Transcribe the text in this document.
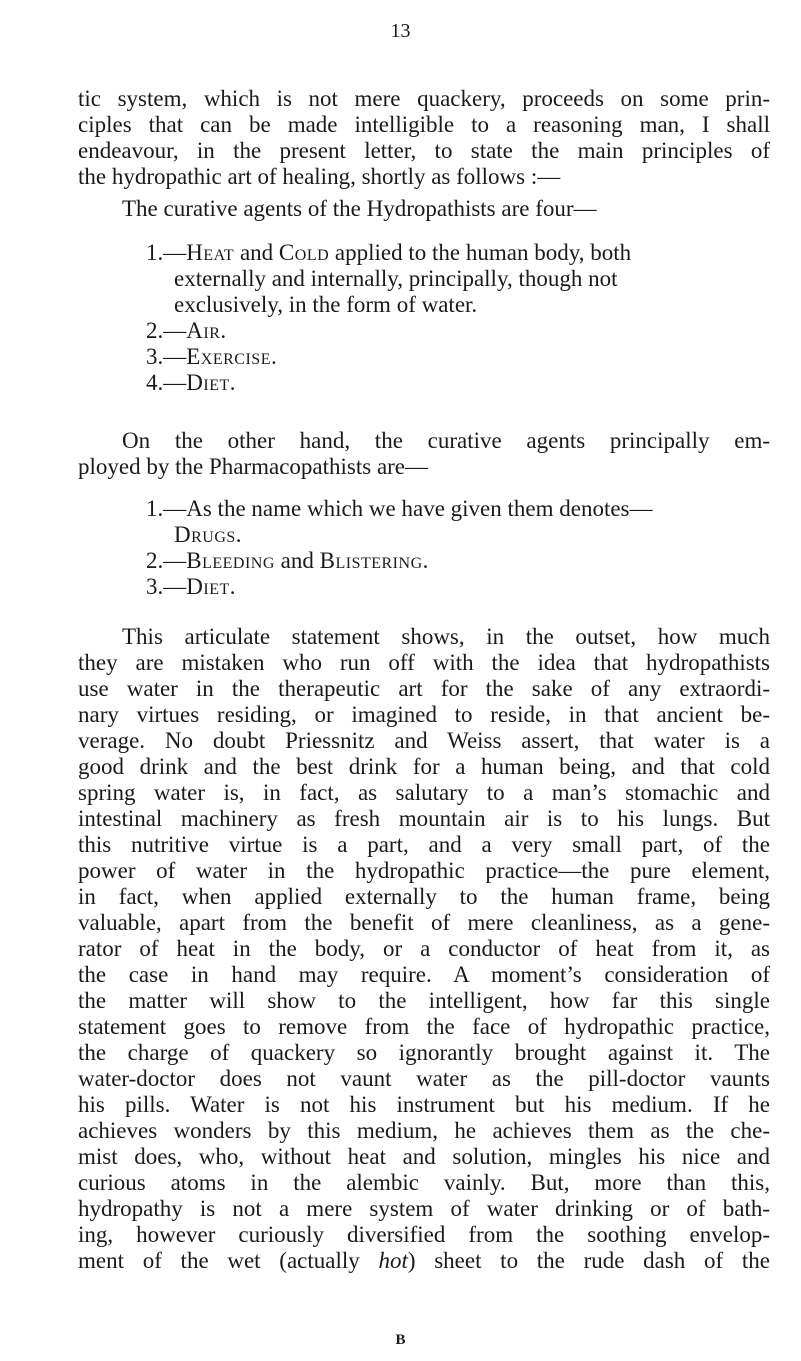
13
tic system, which is not mere quackery, proceeds on some prin-
ciples that can be made intelligible to a reasoning man, I shall
endeavour, in the present letter, to state the main principles of
the hydropathic art of healing, shortly as follows :—
The curative agents of the Hydropathists are four—
1.—Heat and Cold applied to the human body, both
externally and internally, principally, though not
exclusively, in the form of water.
2.—Air.
3.—Exercise.
4.—Diet.
On the other hand, the curative agents principally em-
ployed by the Pharmacopathists are—
1.—As the name which we have given them denotes—
Drugs.
2.—Bleeding and Blistering.
3.—Diet.
This articulate statement shows, in the outset, how much
they are mistaken who run off with the idea that hydropathists
use water in the therapeutic art for the sake of any extraordi-
nary virtues residing, or imagined to reside, in that ancient be-
verage. No doubt Priessnitz and Weiss assert, that water is a
good drink and the best drink for a human being, and that cold
spring water is, in fact, as salutary to a man’s stomachic and
intestinal machinery as fresh mountain air is to his lungs. But
this nutritive virtue is a part, and a very small part, of the
power of water in the hydropathic practice—the pure element,
in fact, when applied externally to the human frame, being
valuable, apart from the benefit of mere cleanliness, as a gene-
rator of heat in the body, or a conductor of heat from it, as
the case in hand may require. A moment’s consideration of
the matter will show to the intelligent, how far this single
statement goes to remove from the face of hydropathic practice,
the charge of quackery so ignorantly brought against it. The
water-doctor does not vaunt water as the pill-doctor vaunts
his pills. Water is not his instrument but his medium. If he
achieves wonders by this medium, he achieves them as the che-
mist does, who, without heat and solution, mingles his nice and
curious atoms in the alembic vainly. But, more than this,
hydropathy is not a mere system of water drinking or of bath-
ing, however curiously diversified from the soothing envelop-
ment of the wet (actually hot) sheet to the rude dash of the
B
